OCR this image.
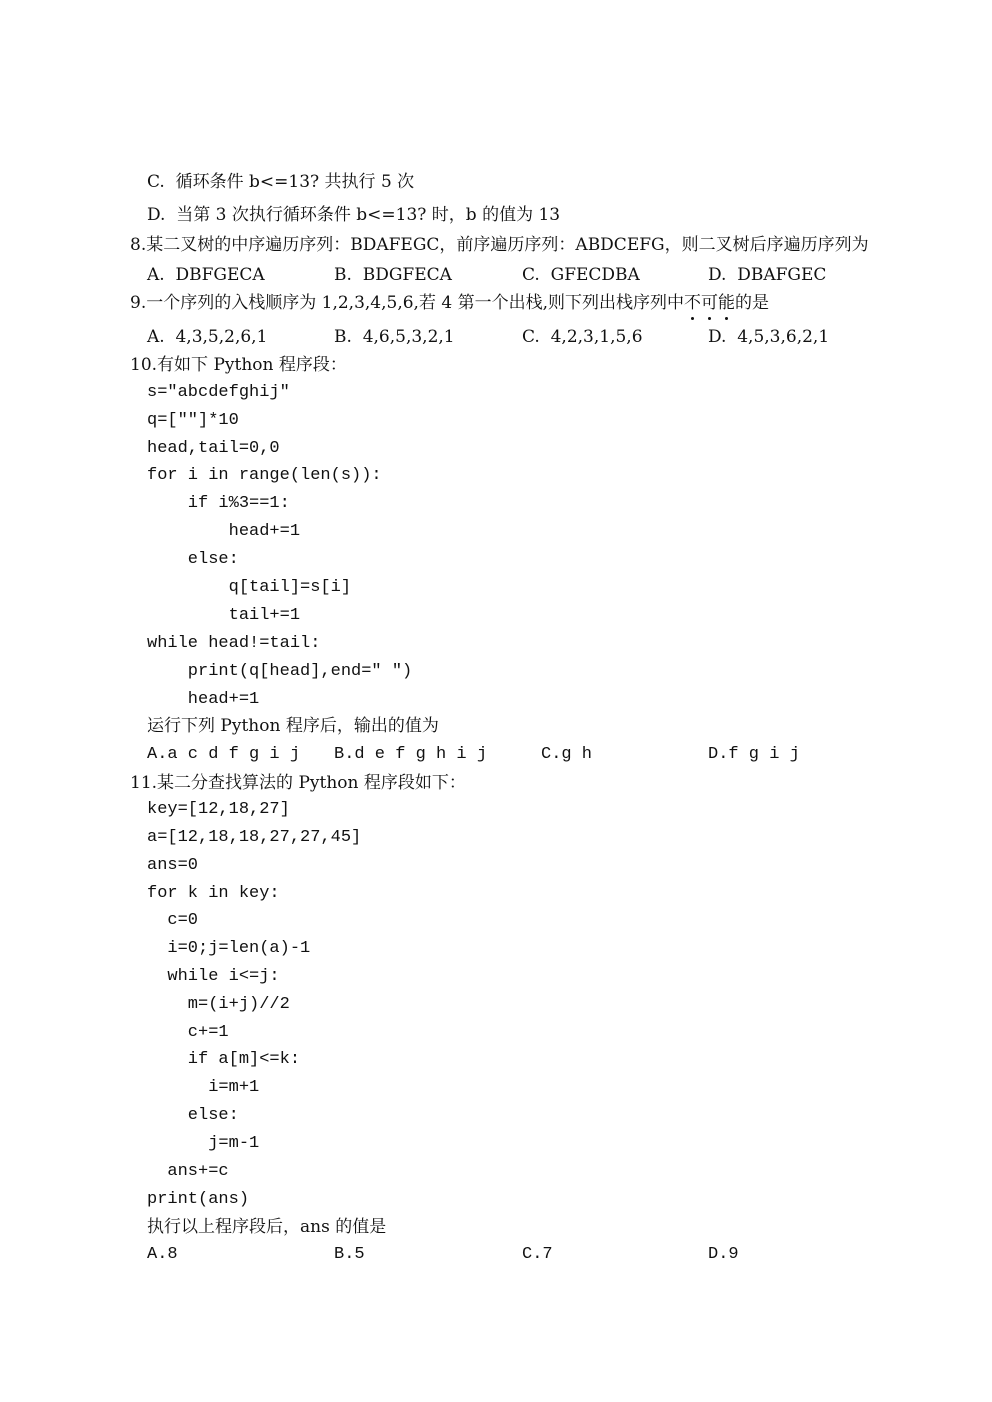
C.  循环条件 b<=13? 共执行 5 次
D.  当第 3 次执行循环条件 b<=13? 时，b 的值为 13
8.某二叉树的中序遍历序列：BDAFEGC，前序遍历序列：ABDCEFG，则二叉树后序遍历序列为
A.  DBFGECA	B.  BDGFECA	C.  GFECDBA	D.  DBAFGEC
9.一个序列的入栈顺序为 1,2,3,4,5,6,若 4 第一个出栈,则下列出栈序列中不可能的是
A.  4,3,5,2,6,1	B.  4,6,5,3,2,1	C.  4,2,3,1,5,6	D.  4,5,3,6,2,1
10.有如下 Python 程序段：
s="abcdefghij"
q=[""]*10
head,tail=0,0
for i in range(len(s)):
if i%3==1:
head+=1
else:
q[tail]=s[i]
tail+=1
while head!=tail:
print(q[head],end=" ")
head+=1
运行下列 Python 程序后，输出的值为
A.a c d f g i j B.d e f g h i j	C.g h	D.f g i j
11.某二分查找算法的 Python 程序段如下：
key=[12,18,27]
a=[12,18,18,27,27,45]
ans=0
for k in key:
c=0
i=0;j=len(a)-1
while i<=j:
m=(i+j)//2
c+=1
if a[m]<=k:
i=m+1
else:
j=m-1
ans+=c
print(ans)
执行以上程序段后，ans 的值是
A.8	B.5	C.7	D.9
